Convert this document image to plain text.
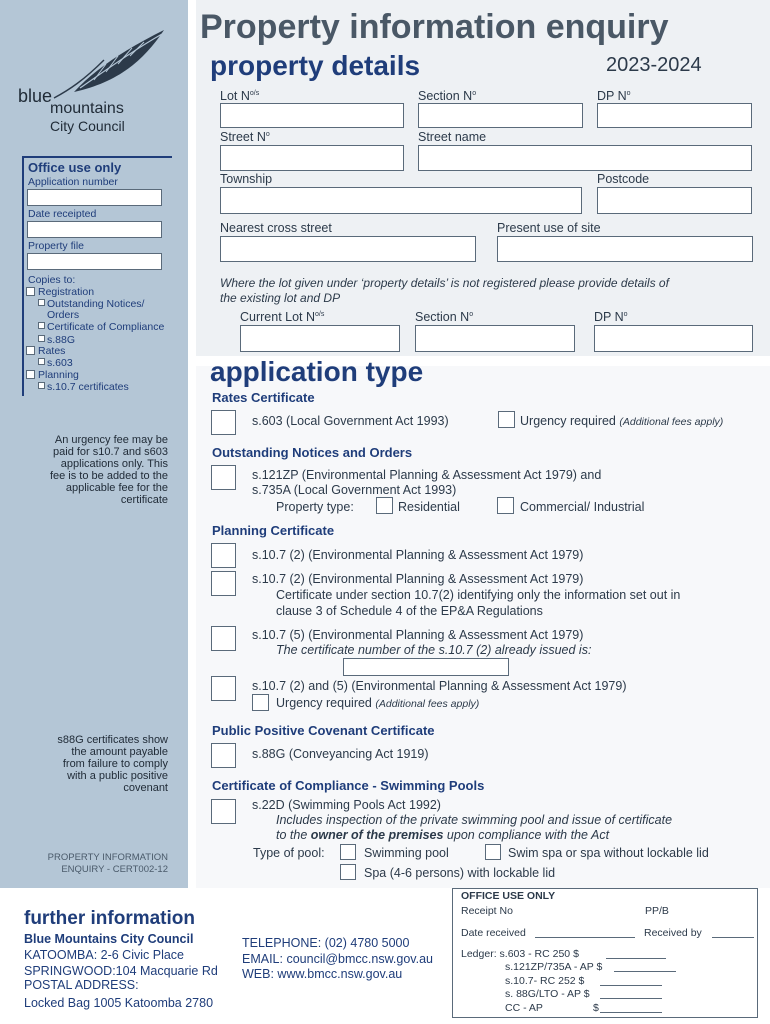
blue
mountains
City Council
Office use only
Application number
Date receipted
Property file
Copies to:
Registration
Outstanding Notices/
Orders
Certificate of Compliance
s.88G
Rates
s.603
Planning
s.10.7 certificates
An urgency fee may be
paid for s10.7 and s603
applications only. This
fee is to be added to the
applicable fee for the
certificate
s88G certificates show
the amount payable
from failure to comply
with a public positive
covenant
PROPERTY INFORMATION
ENQUIRY - CERT002-12
Property information enquiry
property details	2023-2024
Lot $N^{o/s}$	Section $N^o$	DP $N^o$
Street $N^o$	Street name
Township	Postcode
Nearest cross street	Present use of site
Where the lot given under ‘property details’ is not registered please provide details of
the existing lot and DP
Current Lot $N^{o/s}$	Section $N^o$	DP $N^o$
application type
Rates Certificate
s.603 (Local Government Act 1993)	Urgency required (Additional fees apply)
Outstanding Notices and Orders
s.121ZP (Environmental Planning & Assessment Act 1979) and
s.735A (Local Government Act 1993)
Property type:	Residential	Commercial/ Industrial
Planning Certificate
s.10.7 (2) (Environmental Planning & Assessment Act 1979)
s.10.7 (2) (Environmental Planning & Assessment Act 1979)
Certificate under section 10.7(2) identifying only the information set out in
clause 3 of Schedule 4 of the EP&A Regulations
s.10.7 (5) (Environmental Planning & Assessment Act 1979)
The certificate number of the s.10.7 (2) already issued is:
s.10.7 (2) and (5) (Environmental Planning & Assessment Act 1979)
Urgency required (Additional fees apply)
Public Positive Covenant Certificate
s.88G (Conveyancing Act 1919)
Certificate of Compliance - Swimming Pools
s.22D (Swimming Pools Act 1992)
Includes inspection of the private swimming pool and issue of certificate
to the owner of the premises upon compliance with the Act
Type of pool:	Swimming pool	Swim spa or spa without lockable lid
Spa (4-6 persons) with lockable lid
further information
Blue Mountains City Council
KATOOMBA: 2-6 Civic Place
SPRINGWOOD:104 Macquarie Rd
POSTAL ADDRESS:
Locked Bag 1005 Katoomba 2780
TELEPHONE: (02) 4780 5000
EMAIL: council@bmcc.nsw.gov.au
WEB: www.bmcc.nsw.gov.au
OFFICE USE ONLY
Receipt No	PP/B
Date received	Received by
Ledger: s.603 - RC 250 $
s.121ZP/735A - AP $
s.10.7- RC 252 $
s. 88G/LTO - AP $
CC - AP	$
